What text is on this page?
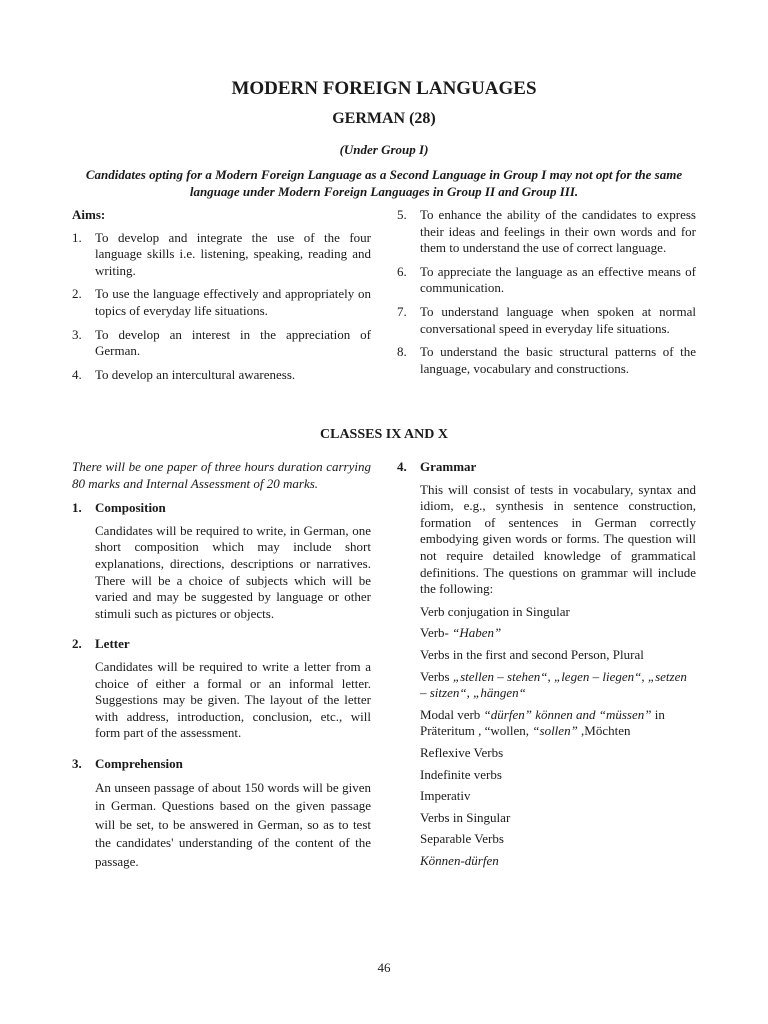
MODERN FOREIGN LANGUAGES
GERMAN (28)
(Under Group I)
Candidates opting for a Modern Foreign Language as a Second Language in Group I may not opt for the same language under Modern Foreign Languages in Group II and Group III.
Aims:
1. To develop and integrate the use of the four language skills i.e. listening, speaking, reading and writing.
2. To use the language effectively and appropriately on topics of everyday life situations.
3. To develop an interest in the appreciation of German.
4. To develop an intercultural awareness.
5. To enhance the ability of the candidates to express their ideas and feelings in their own words and for them to understand the use of correct language.
6. To appreciate the language as an effective means of communication.
7. To understand language when spoken at normal conversational speed in everyday life situations.
8. To understand the basic structural patterns of the language, vocabulary and constructions.
CLASSES IX AND X
There will be one paper of three hours duration carrying 80 marks and Internal Assessment of 20 marks.
1. Composition
Candidates will be required to write, in German, one short composition which may include short explanations, directions, descriptions or narratives. There will be a choice of subjects which will be varied and may be suggested by language or other stimuli such as pictures or objects.
2. Letter
Candidates will be required to write a letter from a choice of either a formal or an informal letter. Suggestions may be given. The layout of the letter with address, introduction, conclusion, etc., will form part of the assessment.
3. Comprehension
An unseen passage of about 150 words will be given in German. Questions based on the given passage will be set, to be answered in German, so as to test the candidates' understanding of the content of the passage.
4. Grammar
This will consist of tests in vocabulary, syntax and idiom, e.g., synthesis in sentence construction, formation of sentences in German correctly embodying given words or forms. The question will not require detailed knowledge of grammatical definitions. The questions on grammar will include the following:
Verb conjugation in Singular
Verb- “Haben”
Verbs in the first and second Person, Plural
Verbs „stellen – stehen“, „legen – liegen“, „setzen – sitzen“, „hängen“
Modal verb “dürfen” können and “müssen” in Präteritum , “wollen, “sollen” ,Möchten
Reflexive Verbs
Indefinite verbs
Imperativ
Verbs in Singular
Separable Verbs
Können-dürfen
46
